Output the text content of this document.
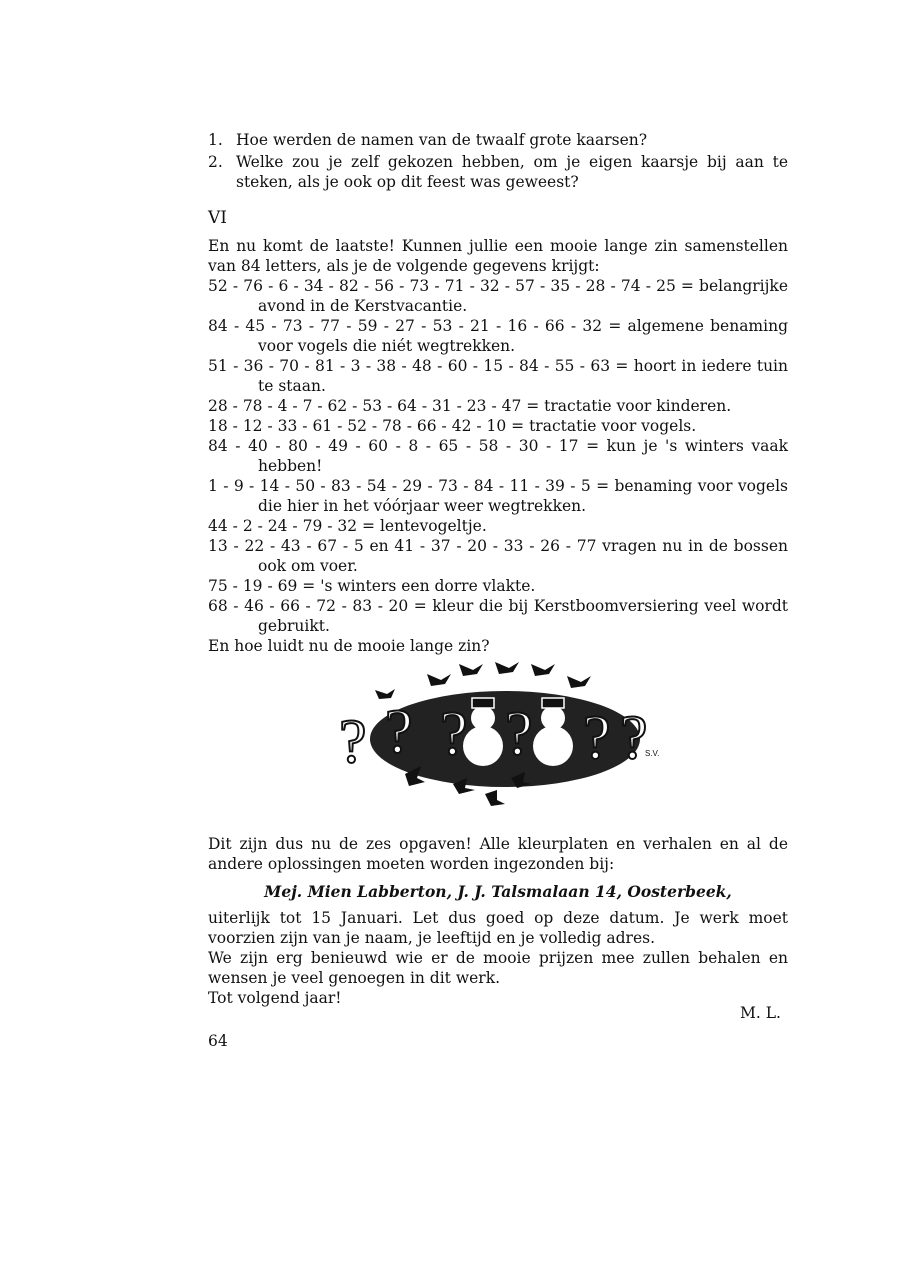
1. Hoe werden de namen van de twaalf grote kaarsen?
2. Welke zou je zelf gekozen hebben, om je eigen kaarsje bij aan te steken, als je ook op dit feest was geweest?
VI
En nu komt de laatste! Kunnen jullie een mooie lange zin samenstellen van 84 letters, als je de volgende gegevens krijgt:
52 - 76 - 6 - 34 - 82 - 56 - 73 - 71 - 32 - 57 - 35 - 28 - 74 - 25 = belangrijke avond in de Kerstvacantie.
84 - 45 - 73 - 77 - 59 - 27 - 53 - 21 - 16 - 66 - 32 = algemene benaming voor vogels die niét wegtrekken.
51 - 36 - 70 - 81 - 3 - 38 - 48 - 60 - 15 - 84 - 55 - 63 = hoort in iedere tuin te staan.
28 - 78 - 4 - 7 - 62 - 53 - 64 - 31 - 23 - 47 = tractatie voor kinderen.
18 - 12 - 33 - 61 - 52 - 78 - 66 - 42 - 10 = tractatie voor vogels.
84 - 40 - 80 - 49 - 60 - 8 - 65 - 58 - 30 - 17 = kun je 's winters vaak hebben!
1 - 9 - 14 - 50 - 83 - 54 - 29 - 73 - 84 - 11 - 39 - 5 = benaming voor vogels die hier in het vóórjaar weer wegtrekken.
44 - 2 - 24 - 79 - 32 = lentevogeltje.
13 - 22 - 43 - 67 - 5 en 41 - 37 - 20 - 33 - 26 - 77 vragen nu in de bossen ook om voer.
75 - 19 - 69 = 's winters een dorre vlakte.
68 - 46 - 66 - 72 - 83 - 20 = kleur die bij Kerstboomversiering veel wordt gebruikt.
En hoe luidt nu de mooie lange zin?
? ? ? ? ? ?
S.V.
Dit zijn dus nu de zes opgaven! Alle kleurplaten en verhalen en al de andere oplossingen moeten worden ingezonden bij:
Mej. Mien Labberton, J. J. Talsmalaan 14, Oosterbeek,
uiterlijk tot 15 Januari. Let dus goed op deze datum. Je werk moet voorzien zijn van je naam, je leeftijd en je volledig adres.
We zijn erg benieuwd wie er de mooie prijzen mee zullen behalen en wensen je veel genoegen in dit werk.
Tot volgend jaar!
M. L.
64
